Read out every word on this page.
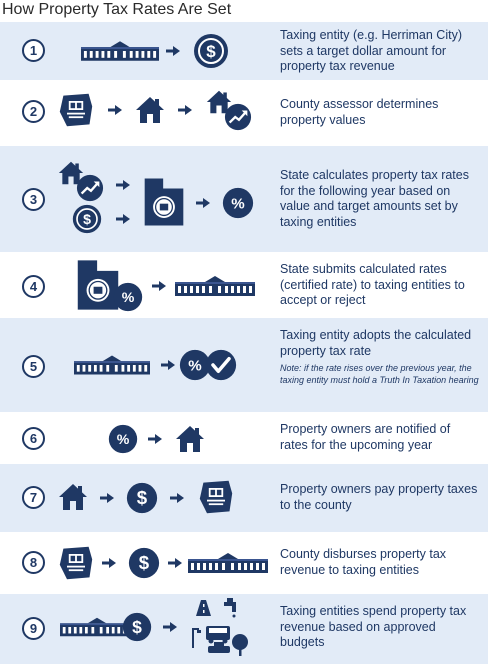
How Property Tax Rates Are Set
1
Taxing entity (e.g. Herriman City) sets a target dollar amount for property tax revenue
2	County assessor determines property values
3
State calculates property tax rates for the following year based on value and target amounts set by taxing entities
4
State submits calculated rates (certified rate) to taxing entities to accept or reject
5
Taxing entity adopts the calculated property tax rate
Note: if the rate rises over the previous year, the taxing entity must hold a Truth In Taxation hearing
6
Property owners are notified of rates for the upcoming year
7
Property owners pay property taxes to the county
8
County disburses property tax revenue to taxing entities
9
Taxing entities spend property tax revenue based on approved budgets
